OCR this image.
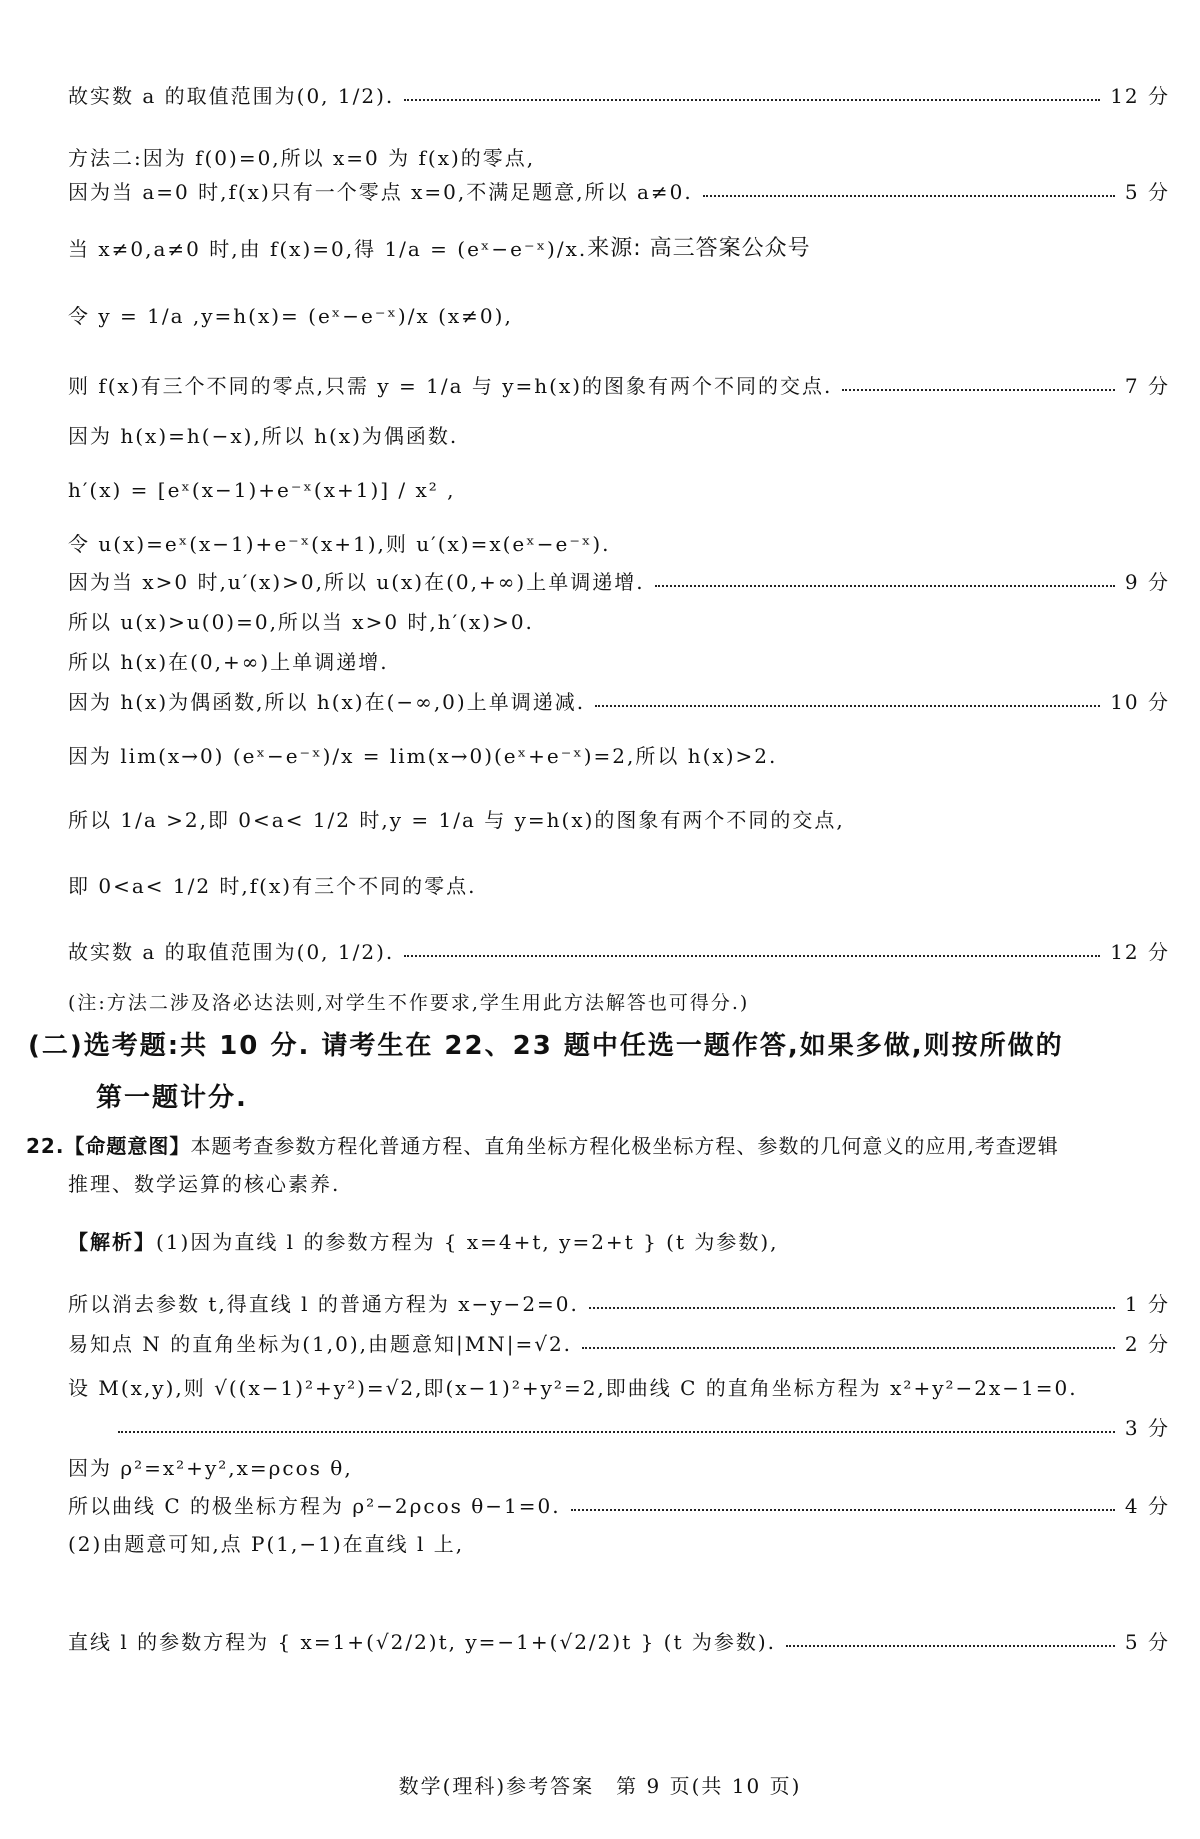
故实数 a 的取值范围为(0, 1/2).	12 分
方法二:因为 f(0)=0,所以 x=0 为 f(x)的零点,
因为当 a=0 时,f(x)只有一个零点 x=0,不满足题意,所以 a≠0.	5 分
当 x≠0,a≠0 时,由 f(x)=0,得 1/a = (eˣ−e⁻ˣ)/x. 来源: 高三答案公众号
令 y = 1/a ,y=h(x)= (eˣ−e⁻ˣ)/x (x≠0),
则 f(x)有三个不同的零点,只需 y = 1/a 与 y=h(x)的图象有两个不同的交点.	7 分
因为 h(x)=h(−x),所以 h(x)为偶函数.
h′(x) = [eˣ(x−1)+e⁻ˣ(x+1)] / x² ,
令 u(x)=eˣ(x−1)+e⁻ˣ(x+1),则 u′(x)=x(eˣ−e⁻ˣ).
因为当 x>0 时,u′(x)>0,所以 u(x)在(0,+∞)上单调递增.	9 分
所以 u(x)>u(0)=0,所以当 x>0 时,h′(x)>0.
所以 h(x)在(0,+∞)上单调递增.
因为 h(x)为偶函数,所以 h(x)在(−∞,0)上单调递减.	10 分
因为 lim(x→0) (eˣ−e⁻ˣ)/x = lim(x→0)(eˣ+e⁻ˣ)=2,所以 h(x)>2.
所以 1/a >2,即 0<a< 1/2 时,y = 1/a 与 y=h(x)的图象有两个不同的交点,
即 0<a< 1/2 时,f(x)有三个不同的零点.
故实数 a 的取值范围为(0, 1/2).	12 分
(注:方法二涉及洛必达法则,对学生不作要求,学生用此方法解答也可得分.)
(二)选考题:共 10 分. 请考生在 22、23 题中任选一题作答,如果多做,则按所做的
第一题计分.
22.【命题意图】 本题考查参数方程化普通方程、直角坐标方程化极坐标方程、参数的几何意义的应用,考查逻辑
推理、数学运算的核心素养.
【解析】 (1)因为直线 l 的参数方程为 { x=4+t, y=2+t } (t 为参数),
所以消去参数 t,得直线 l 的普通方程为 x−y−2=0.	1 分
易知点 N 的直角坐标为(1,0),由题意知|MN|=√2.	2 分
设 M(x,y),则 √((x−1)²+y²)=√2,即(x−1)²+y²=2,即曲线 C 的直角坐标方程为 x²+y²−2x−1=0.
3 分
因为 ρ²=x²+y²,x=ρcos θ,
所以曲线 C 的极坐标方程为 ρ²−2ρcos θ−1=0.	4 分
(2)由题意可知,点 P(1,−1)在直线 l 上,
直线 l 的参数方程为 { x=1+(√2/2)t, y=−1+(√2/2)t } (t 为参数).	5 分
数学(理科)参考答案　第 9 页(共 10 页)
